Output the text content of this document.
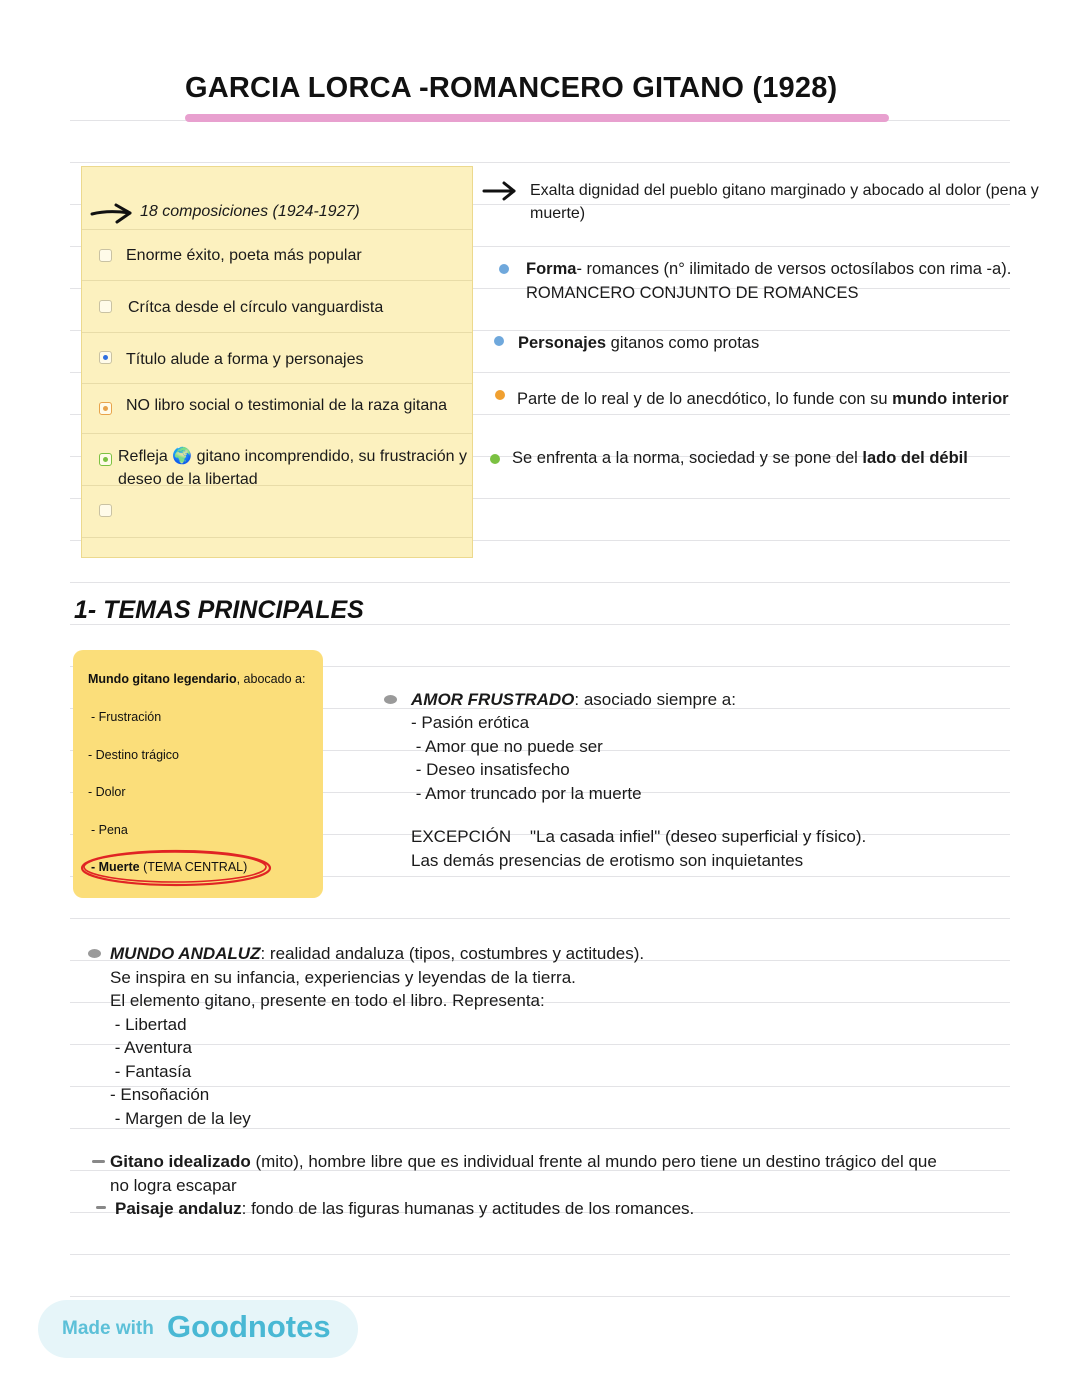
GARCIA LORCA -ROMANCERO GITANO (1928)
18 composiciones (1924-1927)
Enorme éxito, poeta más popular
Crítca desde el círculo vanguardista
Título alude a forma y personajes
NO libro social o testimonial de la raza gitana
Refleja 🌍 gitano incomprendido, su frustración y deseo de la libertad
Exalta dignidad del pueblo gitano marginado y abocado al dolor (pena y muerte)
Forma- romances (n° ilimitado de versos octosílabos con rima -a).
ROMANCERO CONJUNTO DE ROMANCES
Personajes gitanos como protas
Parte de lo real y de lo anecdótico, lo funde con su mundo interior
Se enfrenta a la norma, sociedad y se pone del lado del débil
1- TEMAS PRINCIPALES
Mundo gitano legendario, abocado a:
- Frustración
- Destino trágico
- Dolor
- Pena
- Muerte (TEMA CENTRAL)
AMOR FRUSTRADO: asociado siempre a:
- Pasión erótica
- Amor que no puede ser
- Deseo insatisfecho
- Amor truncado por la muerte
EXCEPCIÓN    "La casada infiel" (deseo superficial y físico).
Las demás presencias de erotismo son inquietantes
MUNDO ANDALUZ: realidad andaluza (tipos, costumbres y actitudes).
Se inspira en su infancia, experiencias y leyendas de la tierra.
El elemento gitano, presente en todo el libro. Representa:
- Libertad
- Aventura
- Fantasía
- Ensoñación
- Margen de la ley
Gitano idealizado (mito), hombre libre que es individual frente al mundo pero tiene un destino trágico del que
no logra escapar
Paisaje andaluz: fondo de las figuras humanas y actitudes de los romances.
Made with Goodnotes
